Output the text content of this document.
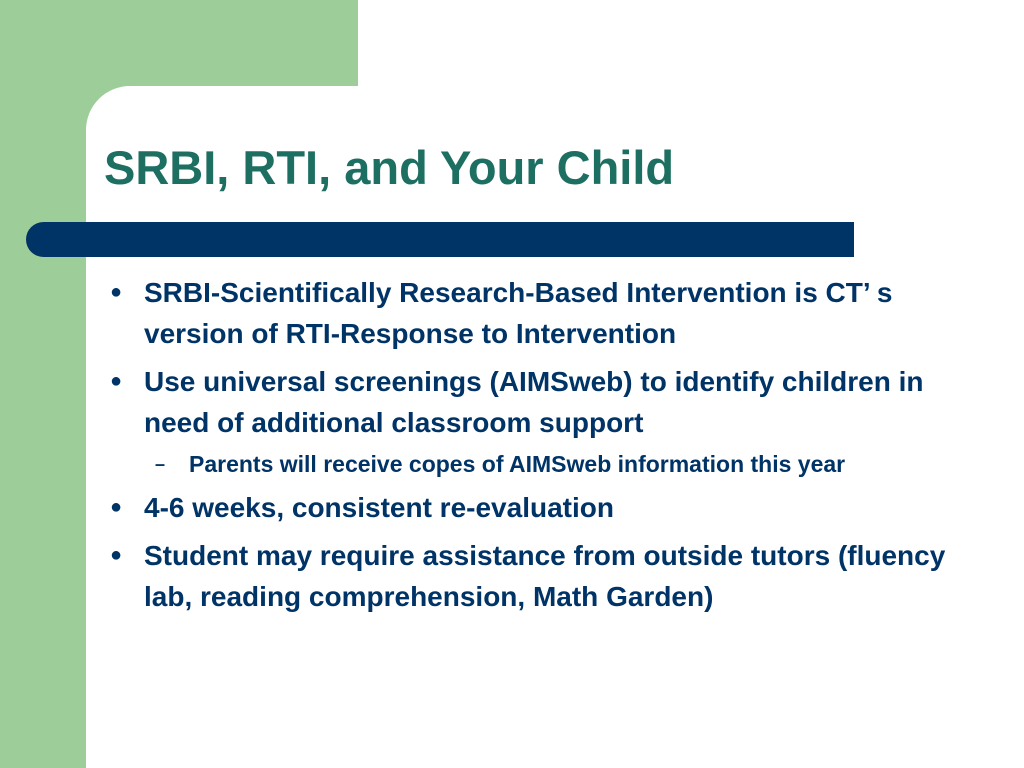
SRBI, RTI, and Your Child
● SRBI-Scientifically Research-Based Intervention is CT’ s version of RTI-Response to Intervention
● Use universal screenings (AIMSweb) to identify children in need of additional classroom support
– Parents will receive copes of AIMSweb information this year
● 4-6 weeks, consistent re-evaluation
● Student may require assistance from outside tutors (fluency lab, reading comprehension, Math Garden)
